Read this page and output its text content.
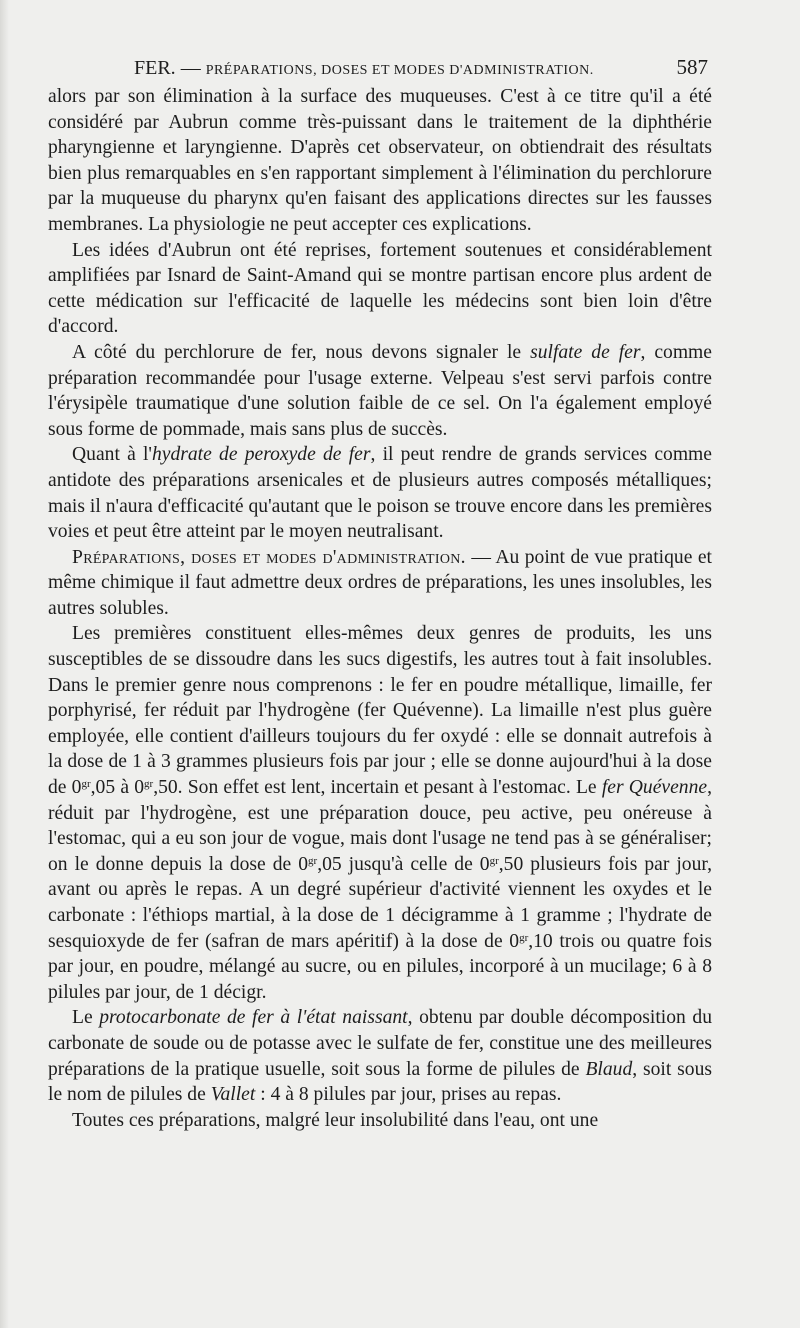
FER. — PRÉPARATIONS, DOSES ET MODES D'ADMINISTRATION.	587

alors par son élimination à la surface des muqueuses. C'est à ce titre qu'il a été considéré par Aubrun comme très-puissant dans le traitement de la diphthérie pharyngienne et laryngienne. D'après cet observateur, on obtiendrait des résultats bien plus remarquables en s'en rapportant simplement à l'élimination du perchlorure par la muqueuse du pharynx qu'en faisant des applications directes sur les fausses membranes. La physiologie ne peut accepter ces explications.

Les idées d'Aubrun ont été reprises, fortement soutenues et considérablement amplifiées par Isnard de Saint-Amand qui se montre partisan encore plus ardent de cette médication sur l'efficacité de laquelle les médecins sont bien loin d'être d'accord.

A côté du perchlorure de fer, nous devons signaler le sulfate de fer, comme préparation recommandée pour l'usage externe. Velpeau s'est servi parfois contre l'érysipèle traumatique d'une solution faible de ce sel. On l'a également employé sous forme de pommade, mais sans plus de succès.

Quant à l'hydrate de peroxyde de fer, il peut rendre de grands services comme antidote des préparations arsenicales et de plusieurs autres composés métalliques; mais il n'aura d'efficacité qu'autant que le poison se trouve encore dans les premières voies et peut être atteint par le moyen neutralisant.

Préparations, doses et modes d'administration. — Au point de vue pratique et même chimique il faut admettre deux ordres de préparations, les unes insolubles, les autres solubles.

Les premières constituent elles-mêmes deux genres de produits, les uns susceptibles de se dissoudre dans les sucs digestifs, les autres tout à fait insolubles. Dans le premier genre nous comprenons : le fer en poudre métallique, limaille, fer porphyrisé, fer réduit par l'hydrogène (fer Quévenne). La limaille n'est plus guère employée, elle contient d'ailleurs toujours du fer oxydé : elle se donnait autrefois à la dose de 1 à 3 grammes plusieurs fois par jour ; elle se donne aujourd'hui à la dose de $0^{gr},05$ à $0^{gr},50$. Son effet est lent, incertain et pesant à l'estomac. Le fer Quévenne, réduit par l'hydrogène, est une préparation douce, peu active, peu onéreuse à l'estomac, qui a eu son jour de vogue, mais dont l'usage ne tend pas à se généraliser; on le donne depuis la dose de $0^{gr},05$ jusqu'à celle de $0^{gr},50$ plusieurs fois par jour, avant ou après le repas. A un degré supérieur d'activité viennent les oxydes et le carbonate : l'éthiops martial, à la dose de 1 décigramme à 1 gramme ; l'hydrate de sesquioxyde de fer (safran de mars apéritif) à la dose de $0^{gr},10$ trois ou quatre fois par jour, en poudre, mélangé au sucre, ou en pilules, incorporé à un mucilage; 6 à 8 pilules par jour, de 1 décigr.

Le protocarbonate de fer à l'état naissant, obtenu par double décomposition du carbonate de soude ou de potasse avec le sulfate de fer, constitue une des meilleures préparations de la pratique usuelle, soit sous la forme de pilules de Blaud, soit sous le nom de pilules de Vallet : 4 à 8 pilules par jour, prises au repas.

Toutes ces préparations, malgré leur insolubilité dans l'eau, ont une
